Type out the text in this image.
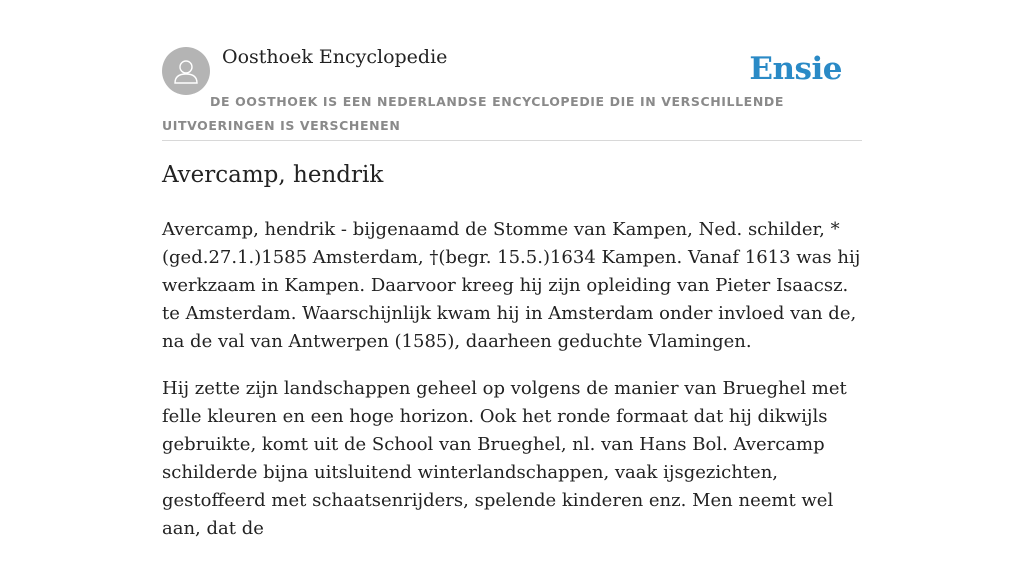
Oosthoek Encyclopedie	Ensie
DE OOSTHOEK IS EEN NEDERLANDSE ENCYCLOPEDIE DIE IN VERSCHILLENDE UITVOERINGEN IS VERSCHENEN
Avercamp, hendrik

Avercamp, hendrik - bijgenaamd de Stomme van Kampen, Ned. schilder, * (ged.27.1.)1585 Amsterdam, †(begr. 15.5.)1634 Kampen. Vanaf 1613 was hij werkzaam in Kampen. Daarvoor kreeg hij zijn opleiding van Pieter Isaacsz. te Amsterdam. Waarschijnlijk kwam hij in Amsterdam onder invloed van de, na de val van Antwerpen (1585), daarheen geduchte Vlamingen.

Hij zette zijn landschappen geheel op volgens de manier van Brueghel met felle kleuren en een hoge horizon. Ook het ronde formaat dat hij dikwijls gebruikte, komt uit de School van Brueghel, nl. van Hans Bol. Avercamp schilderde bijna uitsluitend winterlandschappen, vaak ijsgezichten, gestoffeerd met schaatsenrijders, spelende kinderen enz. Men neemt wel aan, dat de
